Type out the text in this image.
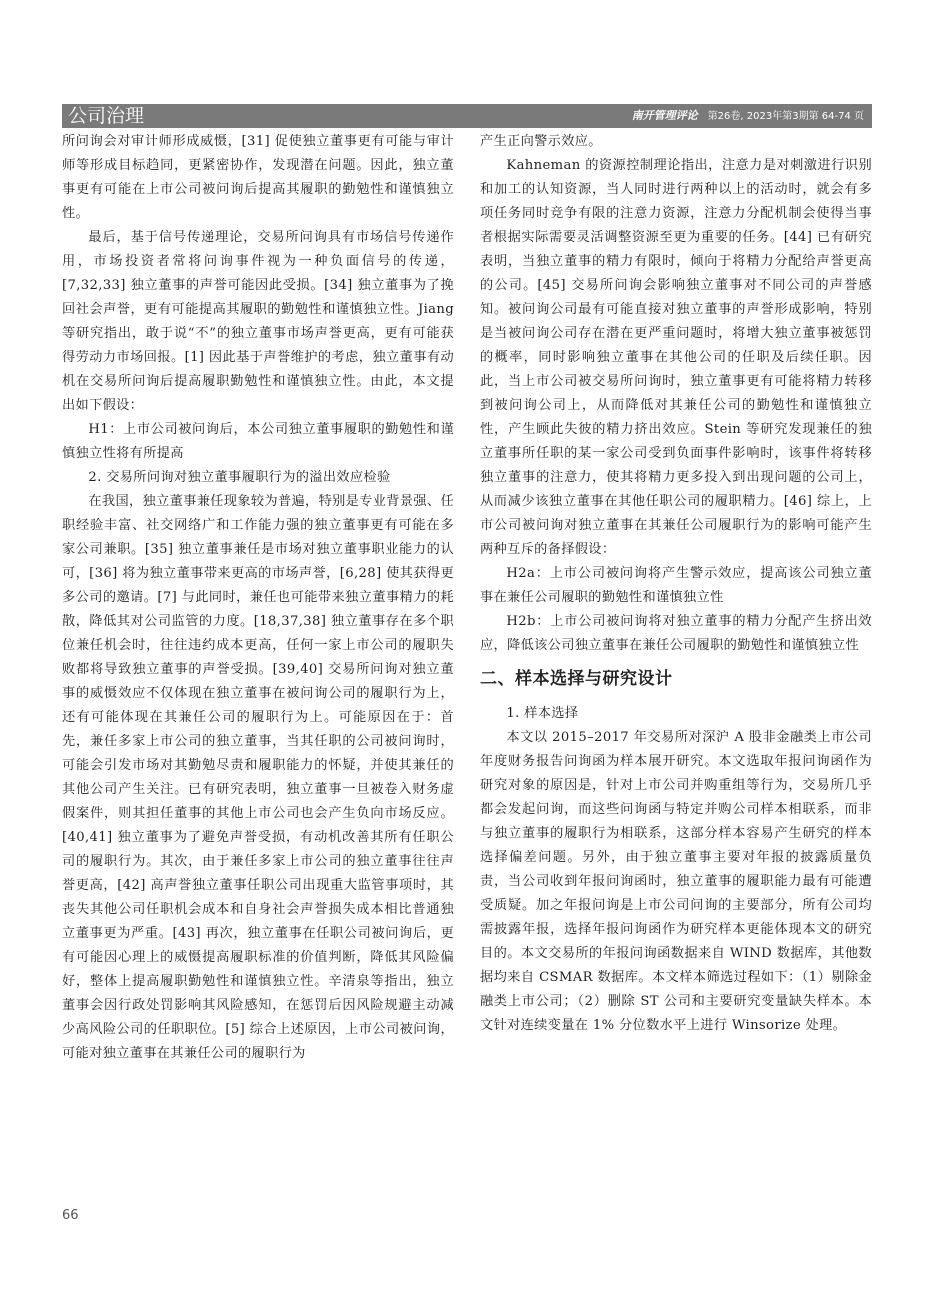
公司治理	南开管理评论 第26卷, 2023年第3期第 64-74 页

所问询会对审计师形成威慑，[31] 促使独立董事更有可能与审计师等形成目标趋同，更紧密协作，发现潜在问题。因此，独立董事更有可能在上市公司被问询后提高其履职的勤勉性和谨慎独立性。

最后，基于信号传递理论，交易所问询具有市场信号传递作用，市场投资者常将问询事件视为一种负面信号的传递，[7,32,33] 独立董事的声誉可能因此受损。[34] 独立董事为了挽回社会声誉，更有可能提高其履职的勤勉性和谨慎独立性。Jiang 等研究指出，敢于说“不”的独立董事市场声誉更高，更有可能获得劳动力市场回报。[1] 因此基于声誉维护的考虑，独立董事有动机在交易所问询后提高履职勤勉性和谨慎独立性。由此，本文提出如下假设：

H1：上市公司被问询后，本公司独立董事履职的勤勉性和谨慎独立性将有所提高

2. 交易所问询对独立董事履职行为的溢出效应检验

在我国，独立董事兼任现象较为普遍，特别是专业背景强、任职经验丰富、社交网络广和工作能力强的独立董事更有可能在多家公司兼职。[35] 独立董事兼任是市场对独立董事职业能力的认可，[36] 将为独立董事带来更高的市场声誉，[6,28] 使其获得更多公司的邀请。[7] 与此同时，兼任也可能带来独立董事精力的耗散，降低其对公司监管的力度。[18,37,38] 独立董事存在多个职位兼任机会时，往往违约成本更高，任何一家上市公司的履职失败都将导致独立董事的声誉受损。[39,40] 交易所问询对独立董事的威慑效应不仅体现在独立董事在被问询公司的履职行为上，还有可能体现在其兼任公司的履职行为上。可能原因在于：首先，兼任多家上市公司的独立董事，当其任职的公司被问询时，可能会引发市场对其勤勉尽责和履职能力的怀疑，并使其兼任的其他公司产生关注。已有研究表明，独立董事一旦被卷入财务虚假案件，则其担任董事的其他上市公司也会产生负向市场反应。[40,41] 独立董事为了避免声誉受损，有动机改善其所有任职公司的履职行为。其次，由于兼任多家上市公司的独立董事往往声誉更高，[42] 高声誉独立董事任职公司出现重大监管事项时，其丧失其他公司任职机会成本和自身社会声誉损失成本相比普通独立董事更为严重。[43] 再次，独立董事在任职公司被问询后，更有可能因心理上的威慑提高履职标准的价值判断，降低其风险偏好，整体上提高履职勤勉性和谨慎独立性。辛清泉等指出，独立董事会因行政处罚影响其风险感知，在惩罚后因风险规避主动减少高风险公司的任职职位。[5] 综合上述原因，上市公司被问询，可能对独立董事在其兼任公司的履职行为

产生正向警示效应。

Kahneman 的资源控制理论指出，注意力是对刺激进行识别和加工的认知资源，当人同时进行两种以上的活动时，就会有多项任务同时竞争有限的注意力资源，注意力分配机制会使得当事者根据实际需要灵活调整资源至更为重要的任务。[44] 已有研究表明，当独立董事的精力有限时，倾向于将精力分配给声誉更高的公司。[45] 交易所问询会影响独立董事对不同公司的声誉感知。被问询公司最有可能直接对独立董事的声誉形成影响，特别是当被问询公司存在潜在更严重问题时，将增大独立董事被惩罚的概率，同时影响独立董事在其他公司的任职及后续任职。因此，当上市公司被交易所问询时，独立董事更有可能将精力转移到被问询公司上，从而降低对其兼任公司的勤勉性和谨慎独立性，产生顾此失彼的精力挤出效应。Stein 等研究发现兼任的独立董事所任职的某一家公司受到负面事件影响时，该事件将转移独立董事的注意力，使其将精力更多投入到出现问题的公司上，从而减少该独立董事在其他任职公司的履职精力。[46] 综上，上市公司被问询对独立董事在其兼任公司履职行为的影响可能产生两种互斥的备择假设：

H2a：上市公司被问询将产生警示效应，提高该公司独立董事在兼任公司履职的勤勉性和谨慎独立性

H2b：上市公司被问询将对独立董事的精力分配产生挤出效应，降低该公司独立董事在兼任公司履职的勤勉性和谨慎独立性

二、样本选择与研究设计

1. 样本选择

本文以 2015–2017 年交易所对深沪 A 股非金融类上市公司年度财务报告问询函为样本展开研究。本文选取年报问询函作为研究对象的原因是，针对上市公司并购重组等行为，交易所几乎都会发起问询，而这些问询函与特定并购公司样本相联系，而非与独立董事的履职行为相联系，这部分样本容易产生研究的样本选择偏差问题。另外，由于独立董事主要对年报的披露质量负责，当公司收到年报问询函时，独立董事的履职能力最有可能遭受质疑。加之年报问询是上市公司问询的主要部分，所有公司均需披露年报，选择年报问询函作为研究样本更能体现本文的研究目的。本文交易所的年报问询函数据来自 WIND 数据库，其他数据均来自 CSMAR 数据库。本文样本筛选过程如下：（1）剔除金融类上市公司；（2）删除 ST 公司和主要研究变量缺失样本。本文针对连续变量在 1% 分位数水平上进行 Winsorize 处理。

66
